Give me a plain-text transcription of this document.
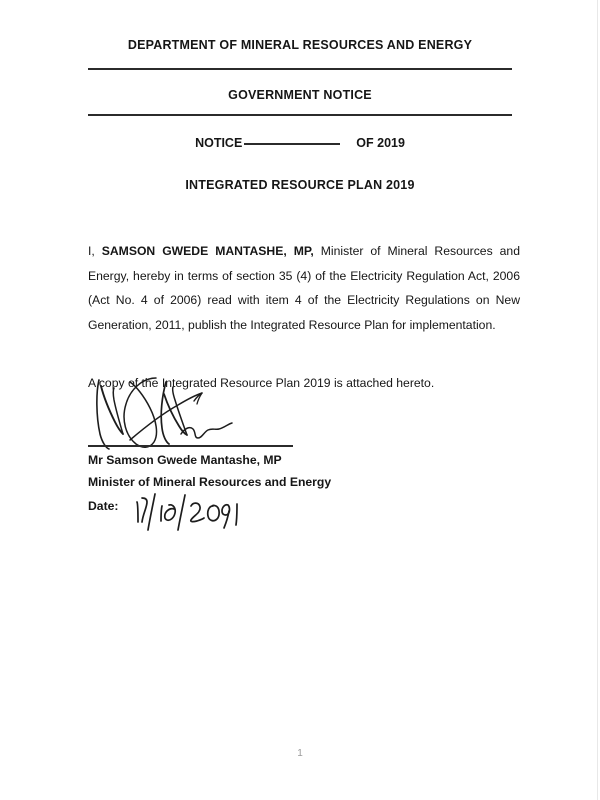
DEPARTMENT OF MINERAL RESOURCES AND ENERGY
GOVERNMENT NOTICE
NOTICE	OF 2019
INTEGRATED RESOURCE PLAN 2019

I, SAMSON GWEDE MANTASHE, MP, Minister of Mineral Resources and Energy, hereby in terms of section 35 (4) of the Electricity Regulation Act, 2006 (Act No. 4 of 2006) read with item 4 of the Electricity Regulations on New Generation, 2011, publish the Integrated Resource Plan for implementation.

A copy of the Integrated Resource Plan 2019 is attached hereto.

Mr Samson Gwede Mantashe, MP
Minister of Mineral Resources and Energy
Date:
1
